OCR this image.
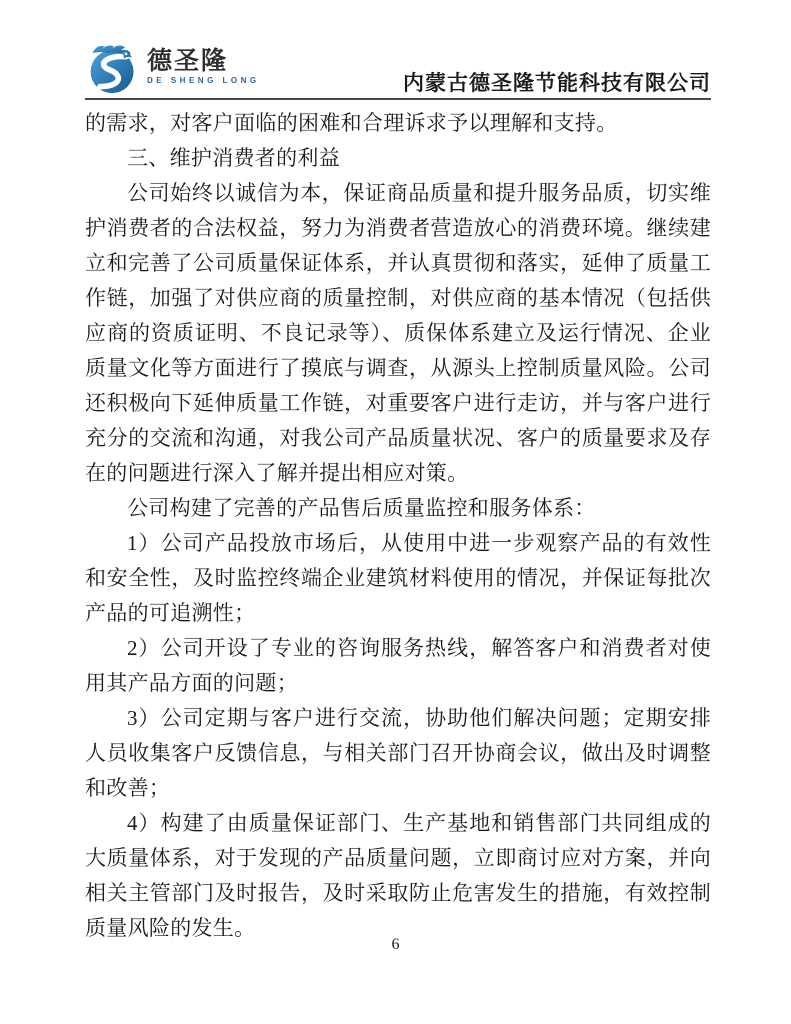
德圣隆
DE SHENG LONG	内蒙古德圣隆节能科技有限公司

的需求，对客户面临的困难和合理诉求予以理解和支持。

三、维护消费者的利益

公司始终以诚信为本，保证商品质量和提升服务品质，切实维护消费者的合法权益，努力为消费者营造放心的消费环境。继续建立和完善了公司质量保证体系，并认真贯彻和落实，延伸了质量工作链，加强了对供应商的质量控制，对供应商的基本情况（包括供应商的资质证明、不良记录等）、质保体系建立及运行情况、企业质量文化等方面进行了摸底与调查，从源头上控制质量风险。公司还积极向下延伸质量工作链，对重要客户进行走访，并与客户进行充分的交流和沟通，对我公司产品质量状况、客户的质量要求及存在的问题进行深入了解并提出相应对策。

公司构建了完善的产品售后质量监控和服务体系：

1）公司产品投放市场后，从使用中进一步观察产品的有效性和安全性，及时监控终端企业建筑材料使用的情况，并保证每批次产品的可追溯性；

2）公司开设了专业的咨询服务热线，解答客户和消费者对使用其产品方面的问题；

3）公司定期与客户进行交流，协助他们解决问题；定期安排人员收集客户反馈信息，与相关部门召开协商会议，做出及时调整和改善；

4）构建了由质量保证部门、生产基地和销售部门共同组成的大质量体系，对于发现的产品质量问题，立即商讨应对方案，并向相关主管部门及时报告，及时采取防止危害发生的措施，有效控制质量风险的发生。

6
